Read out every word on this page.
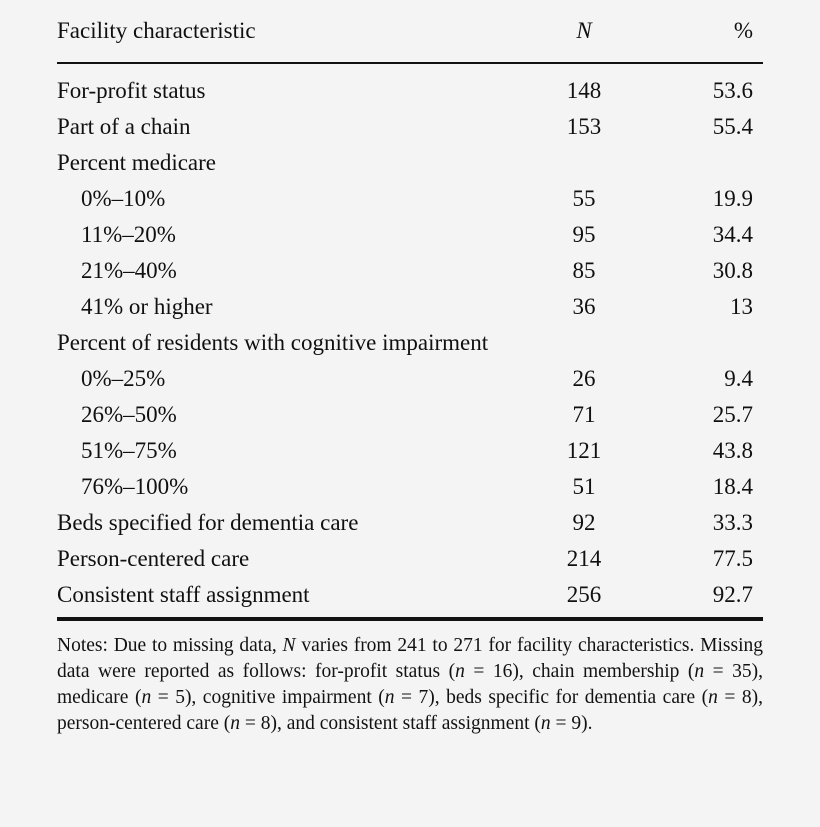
Facility characteristic	N	%

For-profit status	148	53.6
Part of a chain	153	55.4
Percent medicare		
0%–10%	55	19.9
11%–20%	95	34.4
21%–40%	85	30.8
41% or higher	36	13
Percent of residents with cognitive impairment		
0%–25%	26	9.4
26%–50%	71	25.7
51%–75%	121	43.8
76%–100%	51	18.4
Beds specified for dementia care	92	33.3
Person-centered care	214	77.5
Consistent staff assignment	256	92.7
Notes: Due to missing data, N varies from 241 to 271 for facility characteristics. Missing data were reported as follows: for-profit status (n = 16), chain membership (n = 35), medicare (n = 5), cognitive impairment (n = 7), beds specific for dementia care (n = 8), person-centered care (n = 8), and consistent staff assignment (n = 9).
